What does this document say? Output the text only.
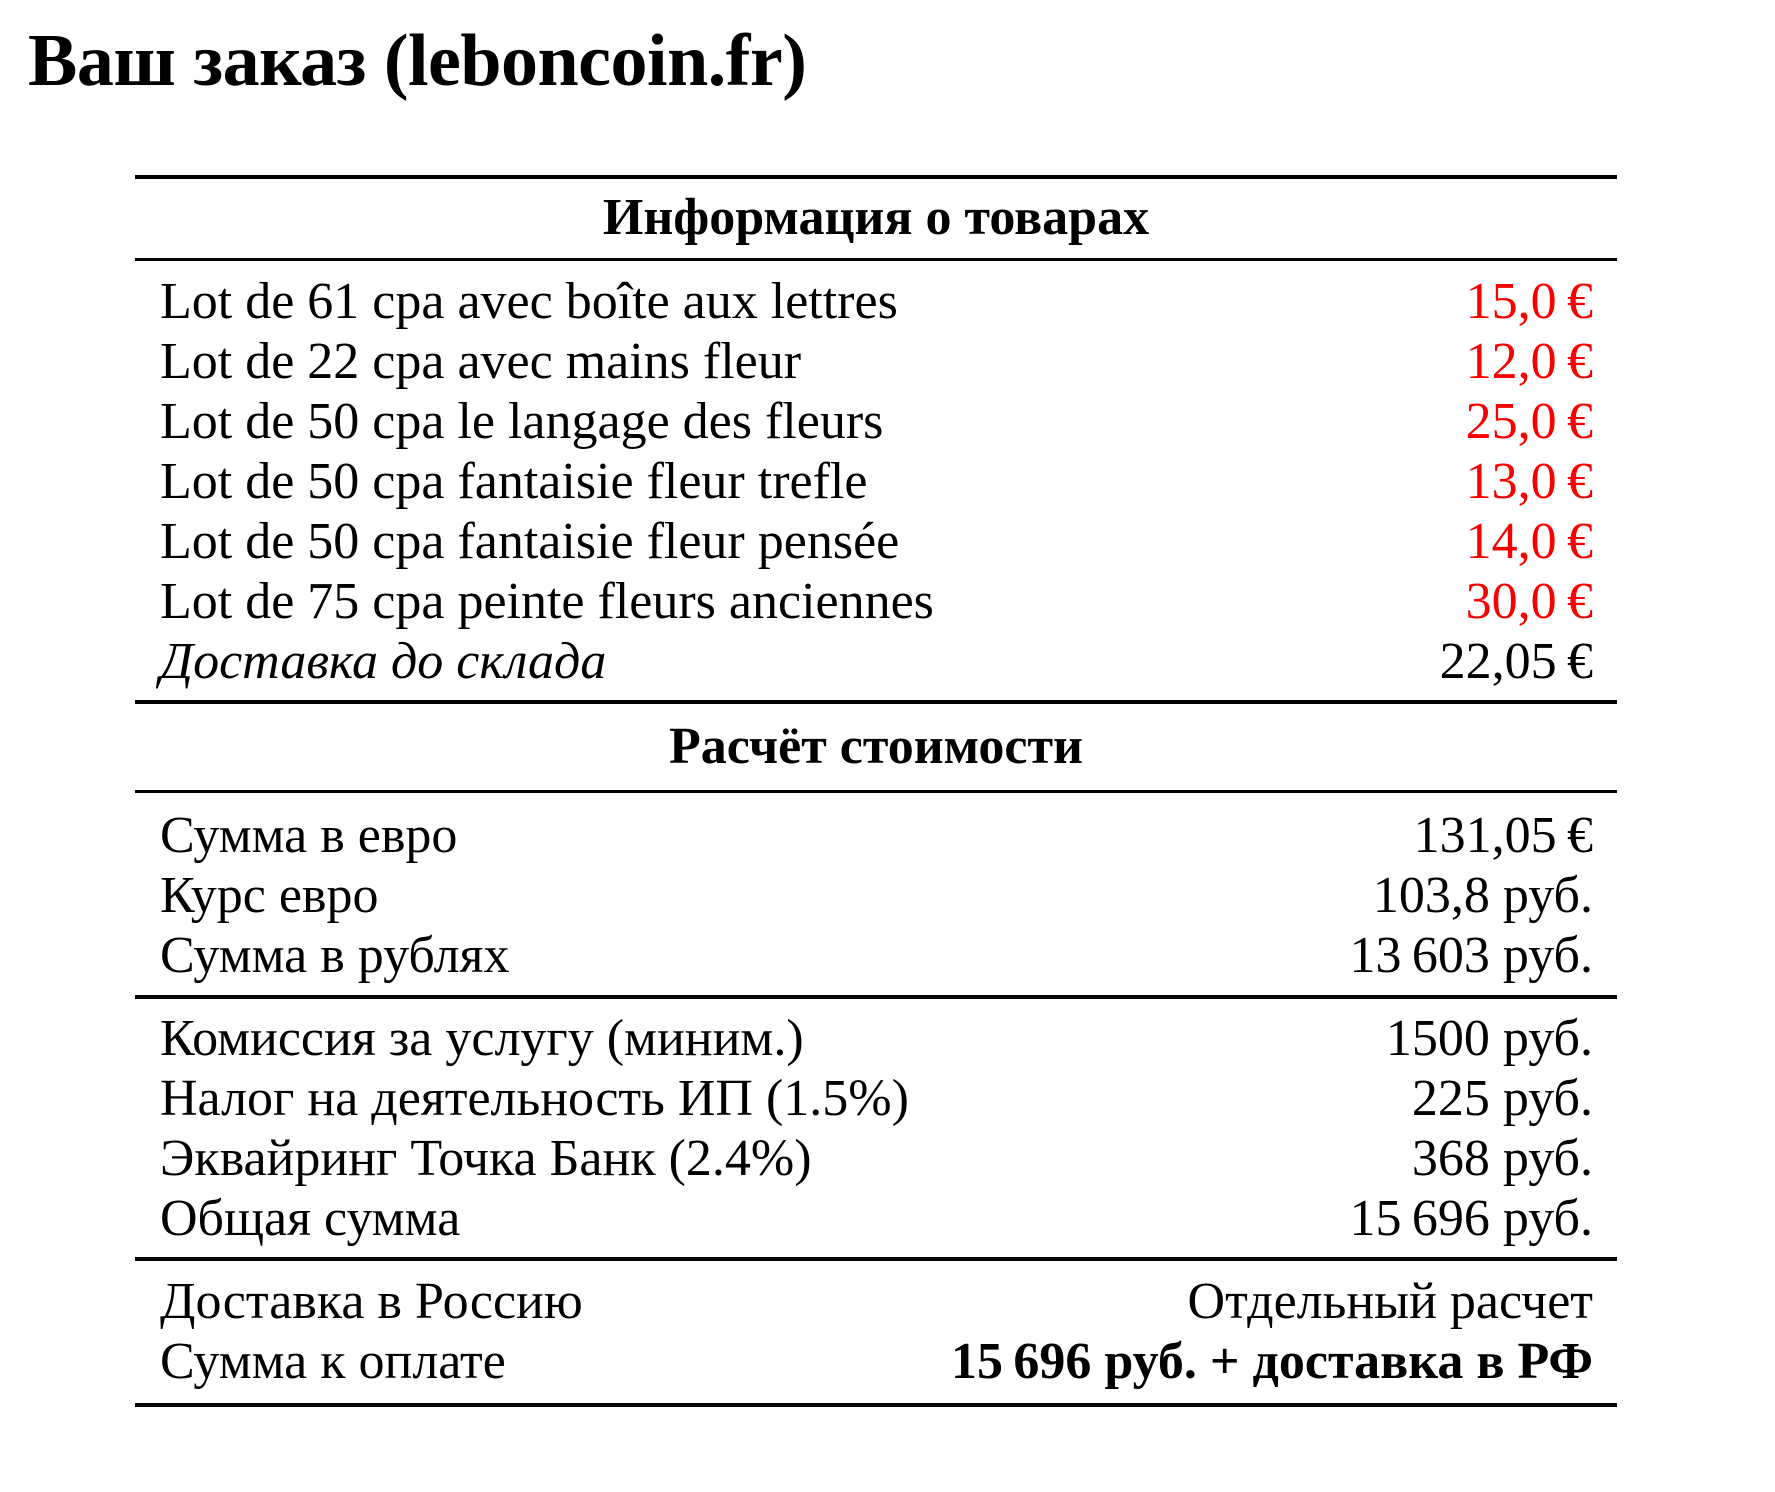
Ваш заказ (leboncoin.fr)
Информация о товарах
Lot de 61 cpa avec boîte aux lettres	15,0 €
Lot de 22 cpa avec mains fleur	12,0 €
Lot de 50 cpa le langage des fleurs	25,0 €
Lot de 50 cpa fantaisie fleur trefle	13,0 €
Lot de 50 cpa fantaisie fleur pensée	14,0 €
Lot de 75 cpa peinte fleurs anciennes	30,0 €
Доставка до склада	22,05 €
Расчёт стоимости
Сумма в евро	131,05 €
Курс евро	103,8 руб.
Сумма в рублях	13 603 руб.
Комиссия за услугу (миним.)	1500 руб.
Налог на деятельность ИП (1.5%)	225 руб.
Эквайринг Точка Банк (2.4%)	368 руб.
Общая сумма	15 696 руб.
Доставка в Россию	Отдельный расчет
Сумма к оплате	15 696 руб. + доставка в РФ
